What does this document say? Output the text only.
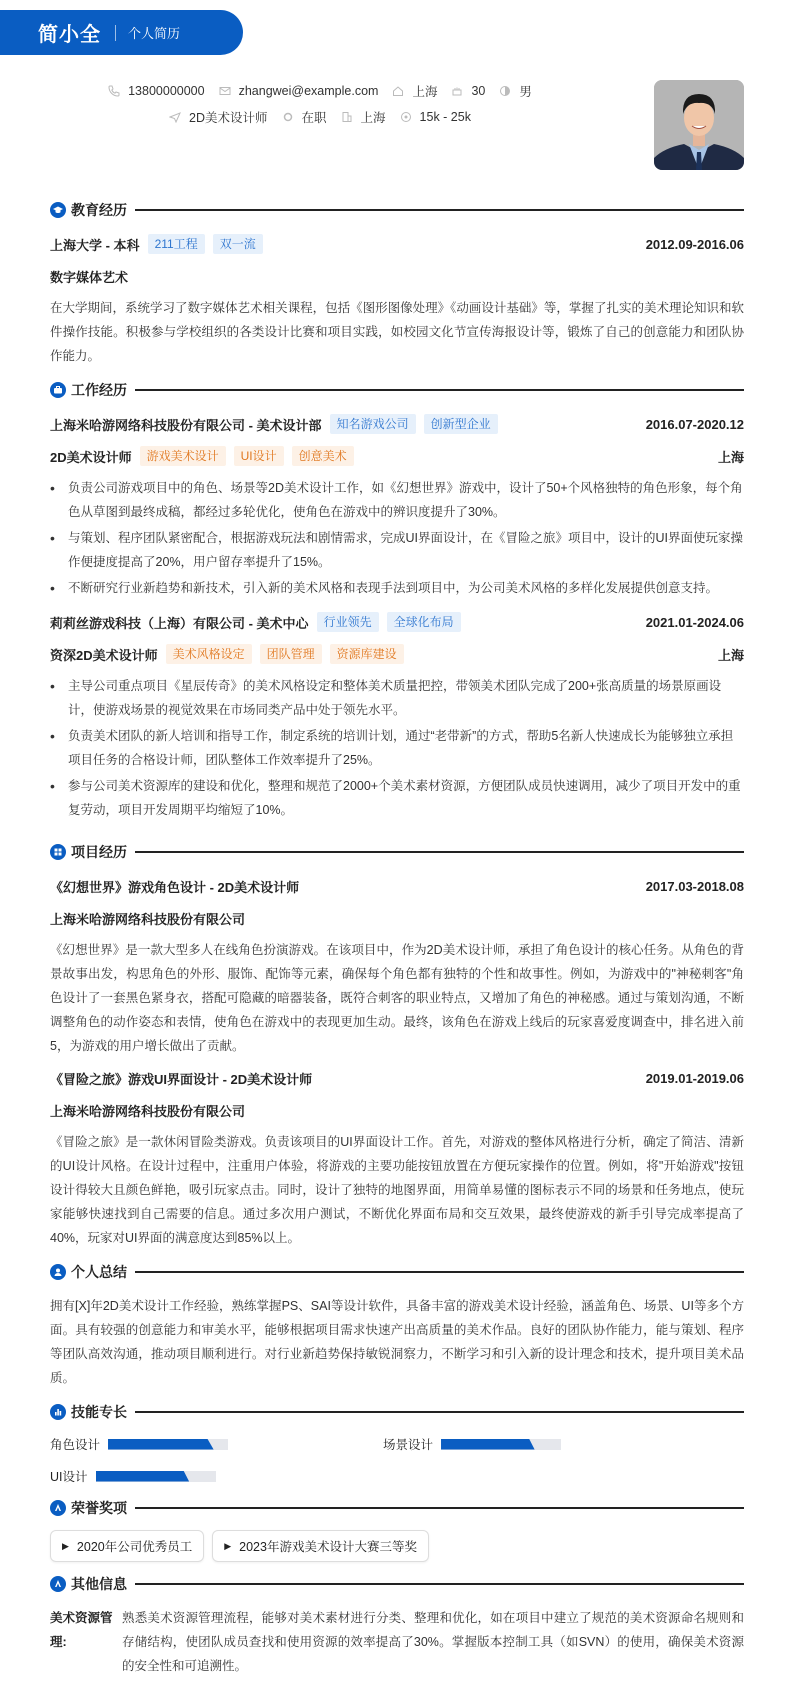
简小全 个人简历
13800000000	zhangwei@example.com	上海	30	男
2D美术设计师	在职	上海	15k - 25k
教育经历
上海大学 - 本科	211工程	双一流	2012.09-2016.06
数字媒体艺术

在大学期间，系统学习了数字媒体艺术相关课程，包括《图形图像处理》《动画设计基础》等，掌握了扎实的美术理论知识和软件操作技能。积极参与学校组织的各类设计比赛和项目实践，如校园文化节宣传海报设计等，锻炼了自己的创意能力和团队协作能力。

工作经历
上海米哈游网络科技股份有限公司 - 美术设计部	知名游戏公司	创新型企业	2016.07-2020.12
2D美术设计师	游戏美术设计	UI设计	创意美术	上海
•	负责公司游戏项目中的角色、场景等2D美术设计工作，如《幻想世界》游戏中，设计了50+个风格独特的角色形象，每个角色从草图到最终成稿，都经过多轮优化，使角色在游戏中的辨识度提升了30%。
•	与策划、程序团队紧密配合，根据游戏玩法和剧情需求，完成UI界面设计，在《冒险之旅》项目中，设计的UI界面使玩家操作便捷度提高了20%，用户留存率提升了15%。
•	不断研究行业新趋势和新技术，引入新的美术风格和表现手法到项目中，为公司美术风格的多样化发展提供创意支持。
莉莉丝游戏科技（上海）有限公司 - 美术中心	行业领先	全球化布局	2021.01-2024.06
资深2D美术设计师	美术风格设定	团队管理	资源库建设	上海
•	主导公司重点项目《星辰传奇》的美术风格设定和整体美术质量把控，带领美术团队完成了200+张高质量的场景原画设计，使游戏场景的视觉效果在市场同类产品中处于领先水平。
•	负责美术团队的新人培训和指导工作，制定系统的培训计划，通过“老带新”的方式，帮助5名新人快速成长为能够独立承担项目任务的合格设计师，团队整体工作效率提升了25%。
•	参与公司美术资源库的建设和优化，整理和规范了2000+个美术素材资源，方便团队成员快速调用，减少了项目开发中的重复劳动，项目开发周期平均缩短了10%。
项目经历
《幻想世界》游戏角色设计 - 2D美术设计师	2017.03-2018.08
上海米哈游网络科技股份有限公司

《幻想世界》是一款大型多人在线角色扮演游戏。在该项目中，作为2D美术设计师，承担了角色设计的核心任务。从角色的背景故事出发，构思角色的外形、服饰、配饰等元素，确保每个角色都有独特的个性和故事性。例如，为游戏中的"神秘刺客"角色设计了一套黑色紧身衣，搭配可隐藏的暗器装备，既符合刺客的职业特点，又增加了角色的神秘感。通过与策划沟通，不断调整角色的动作姿态和表情，使角色在游戏中的表现更加生动。最终，该角色在游戏上线后的玩家喜爱度调查中，排名进入前5，为游戏的用户增长做出了贡献。

《冒险之旅》游戏UI界面设计 - 2D美术设计师	2019.01-2019.06
上海米哈游网络科技股份有限公司

《冒险之旅》是一款休闲冒险类游戏。负责该项目的UI界面设计工作。首先，对游戏的整体风格进行分析，确定了简洁、清新的UI设计风格。在设计过程中，注重用户体验，将游戏的主要功能按钮放置在方便玩家操作的位置。例如，将"开始游戏"按钮设计得较大且颜色鲜艳，吸引玩家点击。同时，设计了独特的地图界面，用简单易懂的图标表示不同的场景和任务地点，使玩家能够快速找到自己需要的信息。通过多次用户测试，不断优化界面布局和交互效果，最终使游戏的新手引导完成率提高了40%，玩家对UI界面的满意度达到85%以上。

个人总结

拥有[X]年2D美术设计工作经验，熟练掌握PS、SAI等设计软件，具备丰富的游戏美术设计经验，涵盖角色、场景、UI等多个方面。具有较强的创意能力和审美水平，能够根据项目需求快速产出高质量的美术作品。良好的团队协作能力，能与策划、程序等团队高效沟通，推动项目顺利进行。对行业新趋势保持敏锐洞察力，不断学习和引入新的设计理念和技术，提升项目美术品质。

技能专长
角色设计	场景设计
UI设计
荣誉奖项
▶ 2020年公司优秀员工	▶ 2023年游戏美术设计大赛三等奖
其他信息
美术资源管理:
熟悉美术资源管理流程，能够对美术素材进行分类、整理和优化，如在项目中建立了规范的美术资源命名规则和存储结构，使团队成员查找和使用资源的效率提高了30%。掌握版本控制工具（如SVN）的使用，确保美术资源的安全性和可追溯性。
